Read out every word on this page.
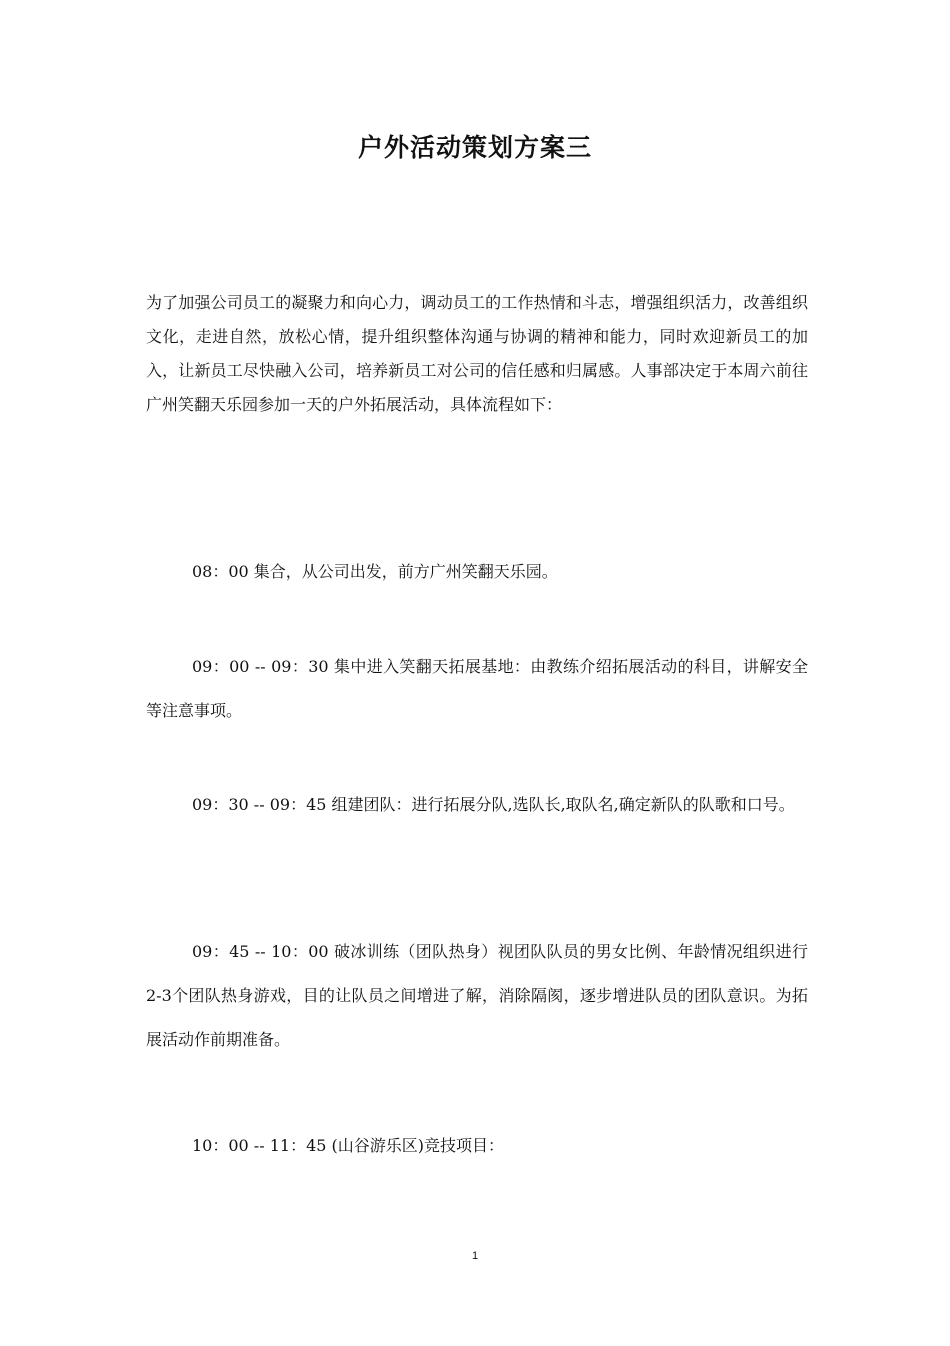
户外活动策划方案三

为了加强公司员工的凝聚力和向心力，调动员工的工作热情和斗志，增强组织活力，改善组织文化，走进自然，放松心情，提升组织整体沟通与协调的精神和能力，同时欢迎新员工的加入，让新员工尽快融入公司，培养新员工对公司的信任感和归属感。人事部决定于本周六前往广州笑翻天乐园参加一天的户外拓展活动，具体流程如下：

08：00 集合，从公司出发，前方广州笑翻天乐园。

09：00 -- 09：30 集中进入笑翻天拓展基地：由教练介绍拓展活动的科目，讲解安全等注意事项。

09：30 -- 09：45 组建团队：进行拓展分队,选队长,取队名,确定新队的队歌和口号。

09：45 -- 10：00 破冰训练（团队热身）视团队队员的男女比例、年龄情况组织进行2-3个团队热身游戏，目的让队员之间增进了解，消除隔阂，逐步增进队员的团队意识。为拓展活动作前期准备。

10：00 -- 11：45 (山谷游乐区)竞技项目：

1
